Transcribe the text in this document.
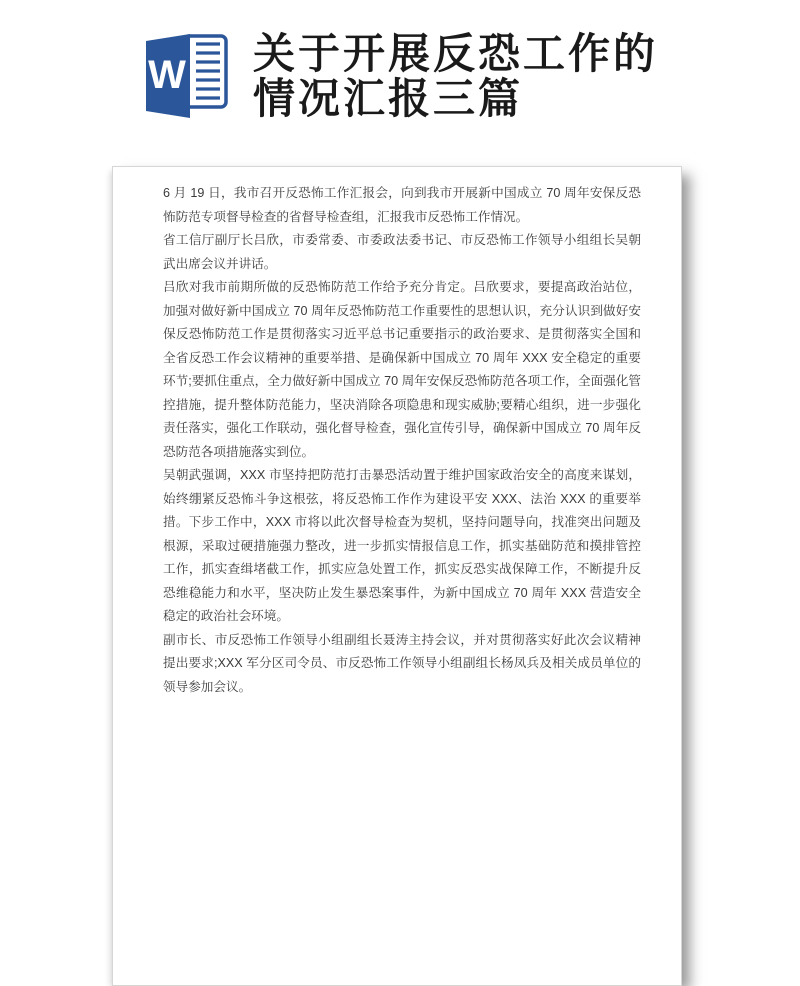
W 关于开展反恐工作的情况汇报三篇

6 月 19 日，我市召开反恐怖工作汇报会，向到我市开展新中国成立 70 周年安保反恐怖防范专项督导检查的省督导检查组，汇报我市反恐怖工作情况。

省工信厅副厅长吕欣，市委常委、市委政法委书记、市反恐怖工作领导小组组长吴朝武出席会议并讲话。

吕欣对我市前期所做的反恐怖防范工作给予充分肯定。吕欣要求，要提高政治站位，加强对做好新中国成立 70 周年反恐怖防范工作重要性的思想认识，充分认识到做好安保反恐怖防范工作是贯彻落实习近平总书记重要指示的政治要求、是贯彻落实全国和全省反恐工作会议精神的重要举措、是确保新中国成立 70 周年 XXX 安全稳定的重要环节;要抓住重点，全力做好新中国成立 70 周年安保反恐怖防范各项工作，全面强化管控措施，提升整体防范能力，坚决消除各项隐患和现实威胁;要精心组织，进一步强化责任落实，强化工作联动，强化督导检查，强化宣传引导，确保新中国成立 70 周年反恐防范各项措施落实到位。

吴朝武强调，XXX 市坚持把防范打击暴恐活动置于维护国家政治安全的高度来谋划，始终绷紧反恐怖斗争这根弦，将反恐怖工作作为建设平安 XXX、法治 XXX 的重要举措。下步工作中，XXX 市将以此次督导检查为契机，坚持问题导向，找准突出问题及根源，采取过硬措施强力整改，进一步抓实情报信息工作，抓实基础防范和摸排管控工作，抓实查缉堵截工作，抓实应急处置工作，抓实反恐实战保障工作，不断提升反恐维稳能力和水平，坚决防止发生暴恐案事件，为新中国成立 70 周年 XXX 营造安全稳定的政治社会环境。

副市长、市反恐怖工作领导小组副组长聂涛主持会议，并对贯彻落实好此次会议精神提出要求;XXX 军分区司令员、市反恐怖工作领导小组副组长杨凤兵及相关成员单位的领导参加会议。
